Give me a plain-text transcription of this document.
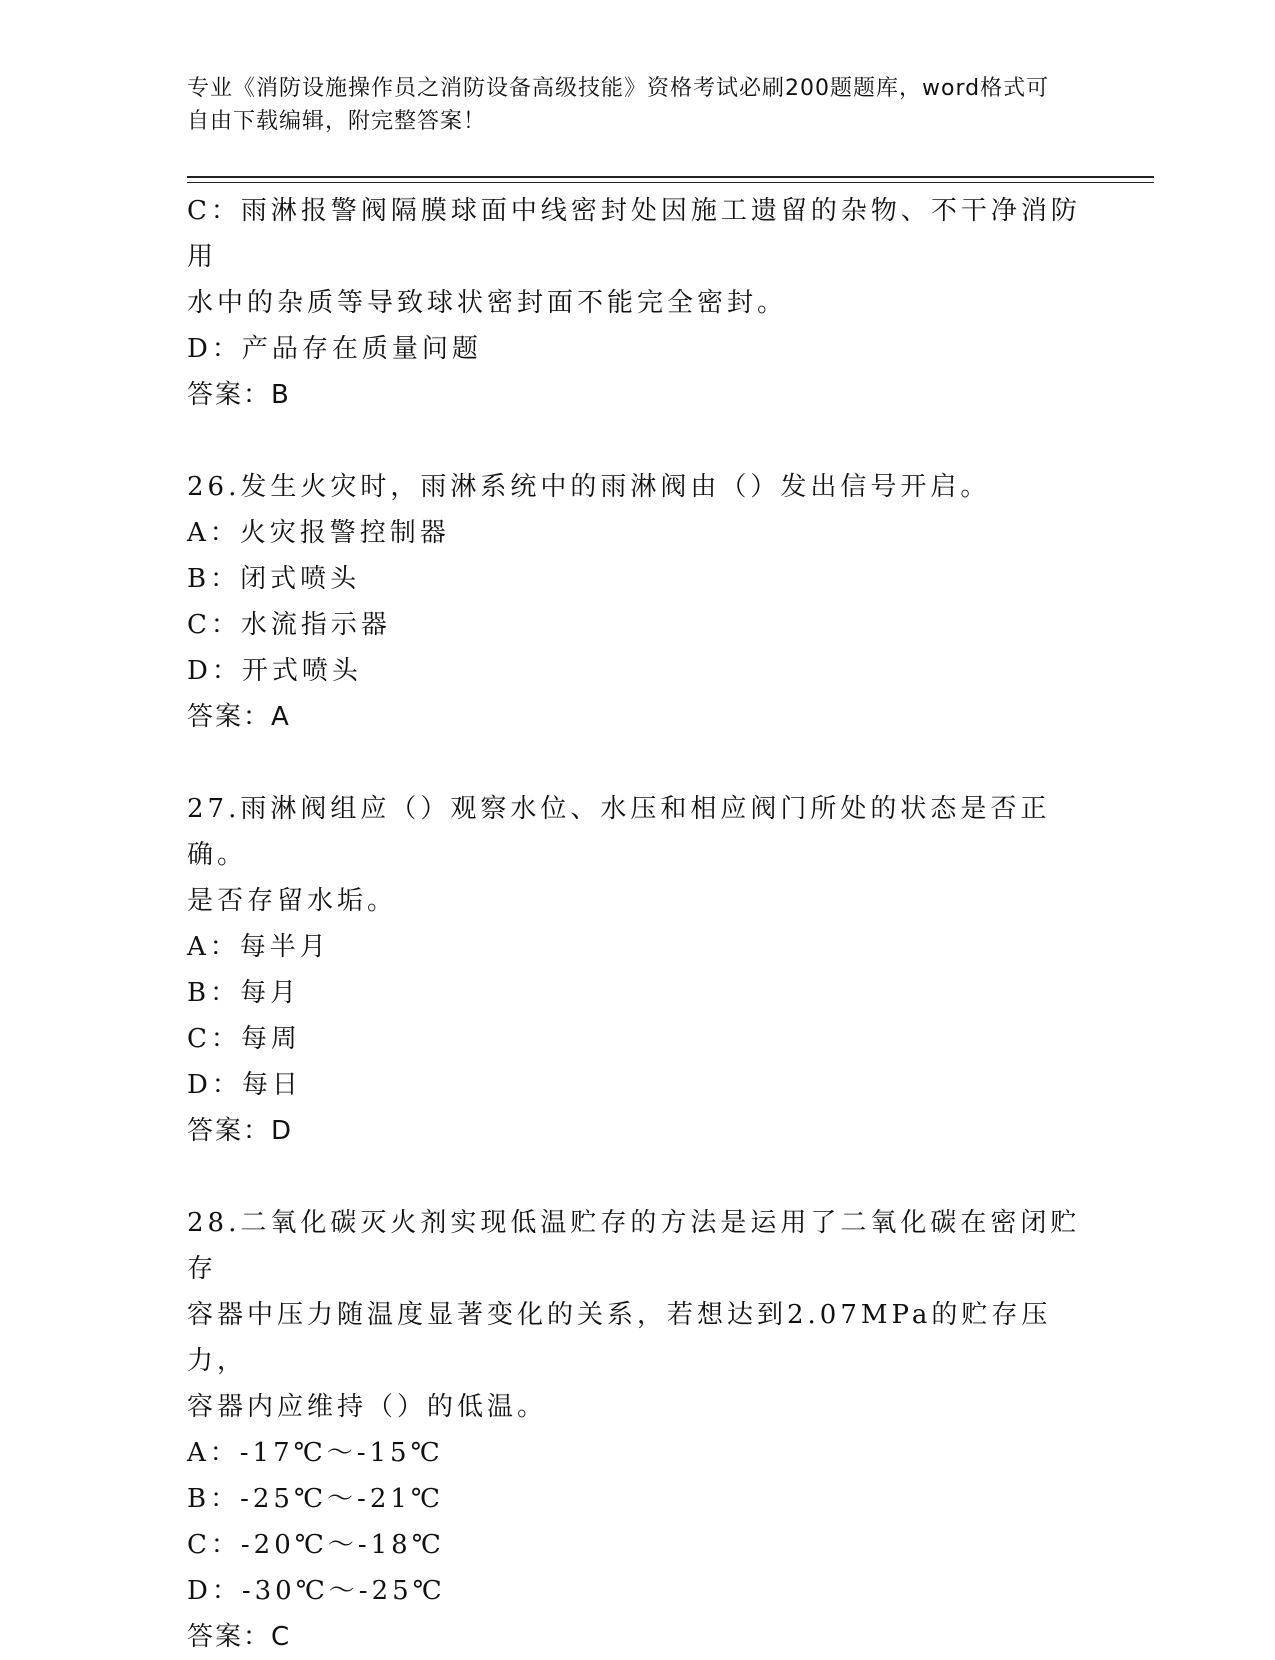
专业《消防设施操作员之消防设备高级技能》资格考试必刷200题题库，word格式可自由下载编辑，附完整答案！
C：雨淋报警阀隔膜球面中线密封处因施工遗留的杂物、不干净消防用
水中的杂质等导致球状密封面不能完全密封。
D：产品存在质量问题
答案：B
26.发生火灾时，雨淋系统中的雨淋阀由（）发出信号开启。
A：火灾报警控制器
B：闭式喷头
C：水流指示器
D：开式喷头
答案：A
27.雨淋阀组应（）观察水位、水压和相应阀门所处的状态是否正确。
是否存留水垢。
A：每半月
B：每月
C：每周
D：每日
答案：D
28.二氧化碳灭火剂实现低温贮存的方法是运用了二氧化碳在密闭贮存
容器中压力随温度显著变化的关系，若想达到2.07MPa的贮存压力，
容器内应维持（）的低温。
A：-17℃～-15℃
B：-25℃～-21℃
C：-20℃～-18℃
D：-30℃～-25℃
答案：C
